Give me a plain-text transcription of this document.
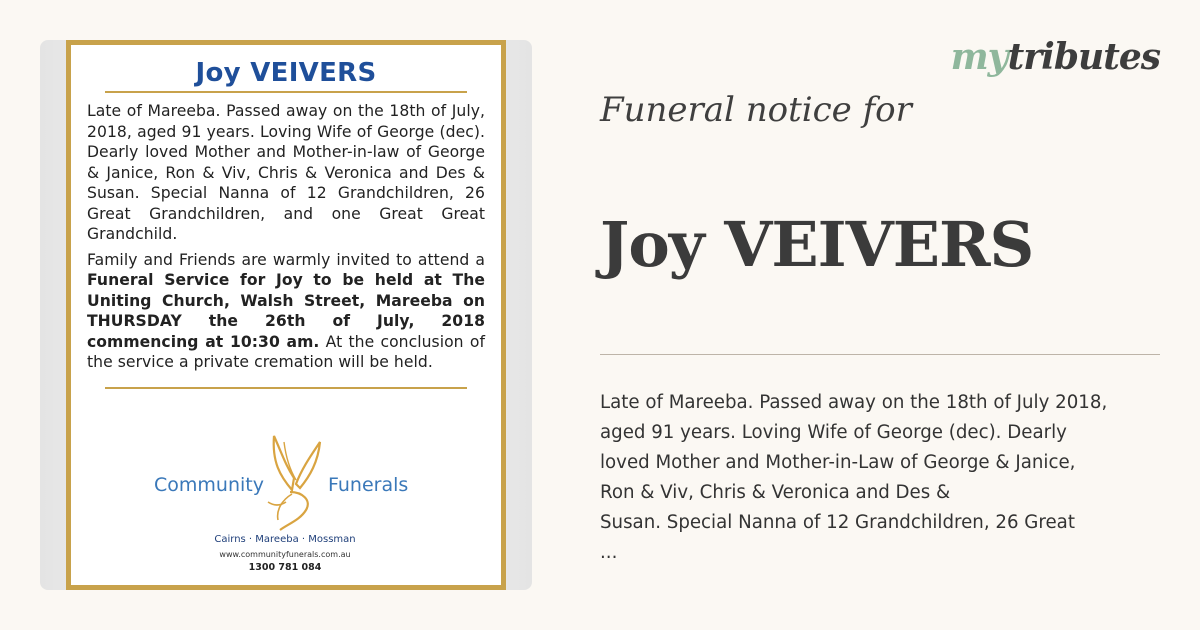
Joy VEIVERS

Late of Mareeba. Passed away on the 18th of July, 2018, aged 91 years. Loving Wife of George (dec). Dearly loved Mother and Mother-in-law of George & Janice, Ron & Viv, Chris & Veronica and Des & Susan. Special Nanna of 12 Grandchildren, 26 Great Grandchildren, and one Great Great Grandchild.

Family and Friends are warmly invited to attend a Funeral Service for Joy to be held at The Uniting Church, Walsh Street, Mareeba on THURSDAY the 26th of July, 2018 commencing at 10:30 am. At the conclusion of the service a private cremation will be held.

Community	Funerals
Cairns · Mareeba · Mossman
www.communityfunerals.com.au
1300 781 084
mytributes
Funeral notice for
Joy VEIVERS
Late of Mareeba. Passed away on the 18th of July 2018,
aged 91 years. Loving Wife of George (dec). Dearly
loved Mother and Mother-in-Law of George & Janice,
Ron & Viv, Chris & Veronica and Des &
Susan. Special Nanna of 12 Grandchildren, 26 Great
...
